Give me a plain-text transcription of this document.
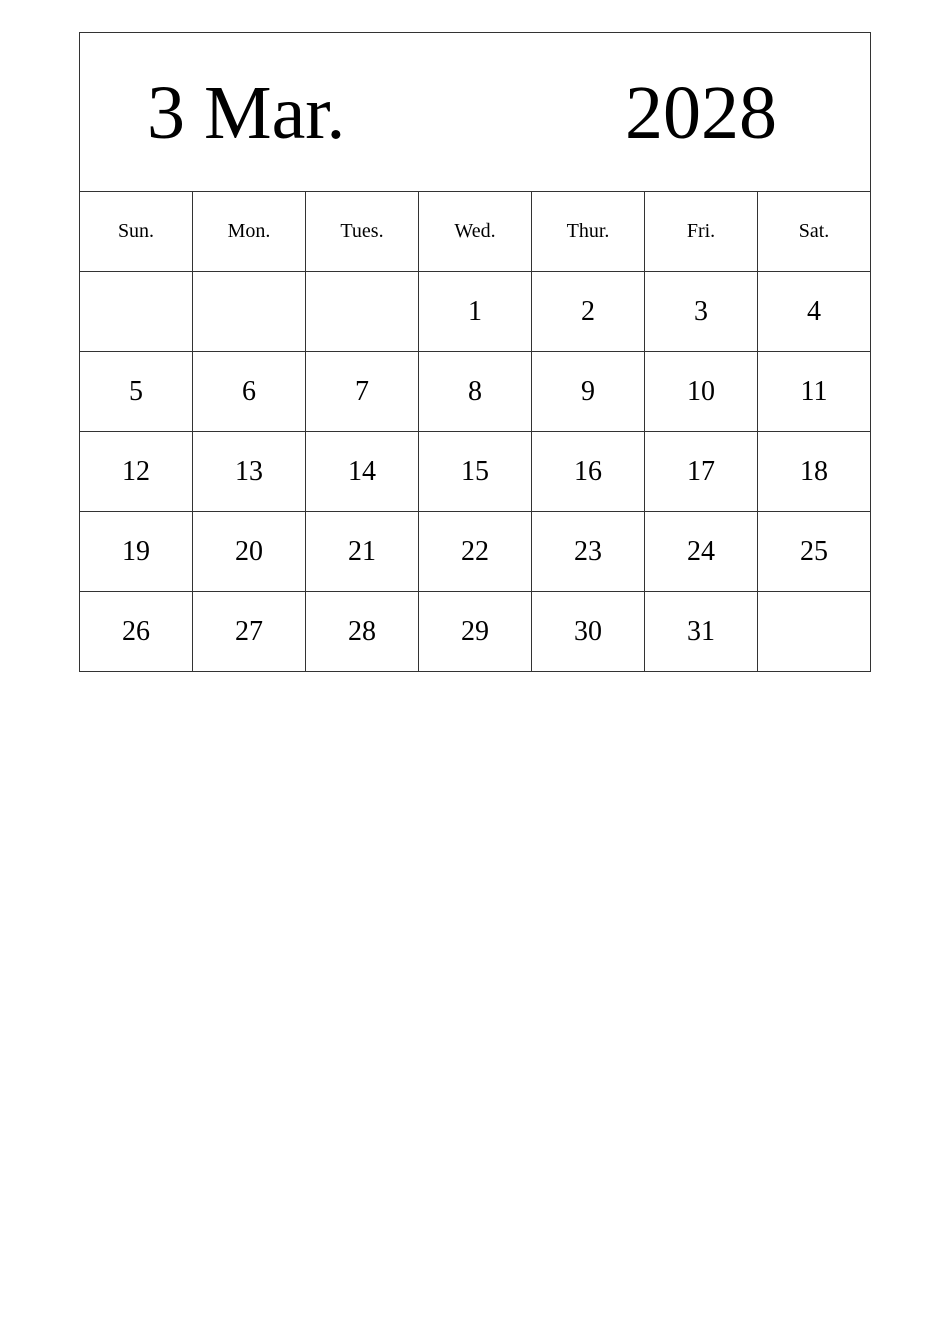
3 Mar. 2028						

Sun.	Mon.	Tues.	Wed.	Thur.	Fri.	Sat.
			1	2	3	4
5	6	7	8	9	10	11
12	13	14	15	16	17	18
19	20	21	22	23	24	25
26	27	28	29	30	31	
